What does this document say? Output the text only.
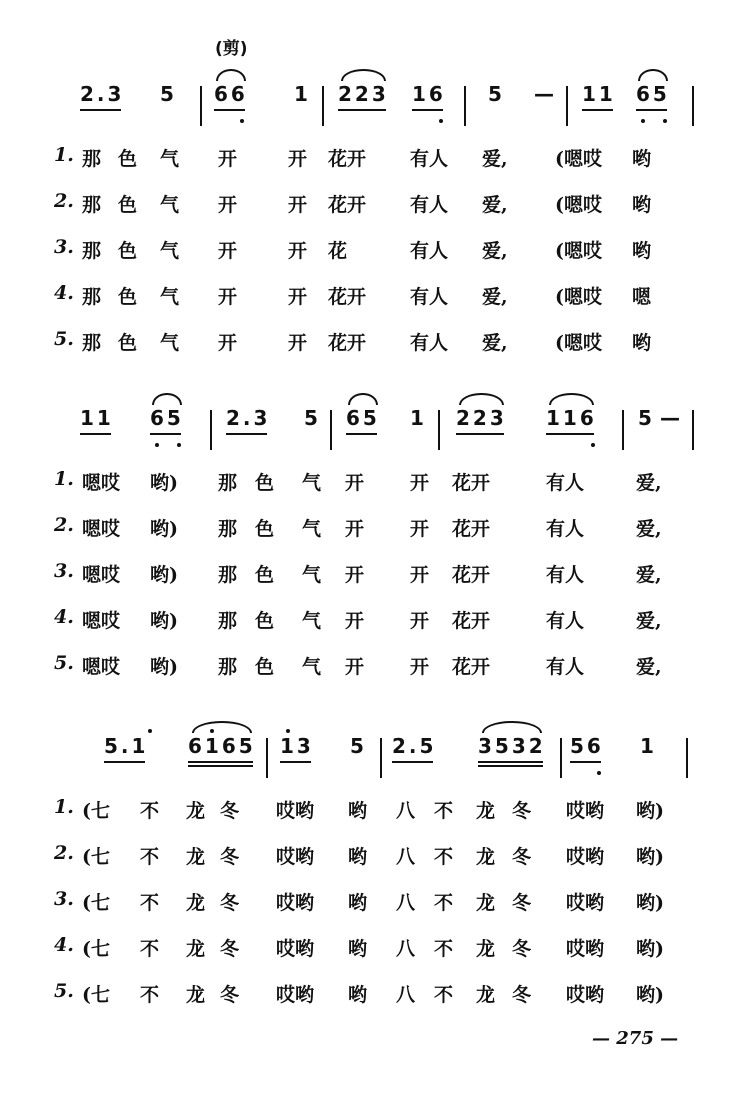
(剪)
2.3 5 66 1 223 16 5 — 11 65
1. 那 色 气 开	开 花开 有人 爱, (嗯哎 哟
2. 那 色 气 开	开 花开 有人 爱, (嗯哎 哟
3. 那 色 气 开	开 花	有人 爱, (嗯哎 哟
4. 那 色 气 开	开 花开 有人 爱, (嗯哎 嗯
5. 那 色 气 开	开 花开 有人 爱, (嗯哎 哟
11 65 2.3 5 65 1 223 116 5 —
1. 嗯哎 哟) 那 色 气 开 开 花开	有人	爱,
2. 嗯哎 哟) 那 色 气 开 开 花开	有人	爱,
3. 嗯哎 哟) 那 色 气 开 开 花开	有人	爱,
4. 嗯哎 哟) 那 色 气 开 开 花开	有人	爱,
5. 嗯哎 哟) 那 色 气 开 开 花开	有人	爱,
5.1 6165 13 5 2.5 3532 56 1
1. (七 不 龙 冬 哎哟 哟 八 不 龙 冬 哎哟 哟)
2. (七 不 龙 冬 哎哟 哟 八 不 龙 冬 哎哟 哟)
3. (七 不 龙 冬 哎哟 哟 八 不 龙 冬 哎哟 哟)
4. (七 不 龙 冬 哎哟 哟 八 不 龙 冬 哎哟 哟)
5. (七 不 龙 冬 哎哟 哟 八 不 龙 冬 哎哟 哟)
— 275 —
